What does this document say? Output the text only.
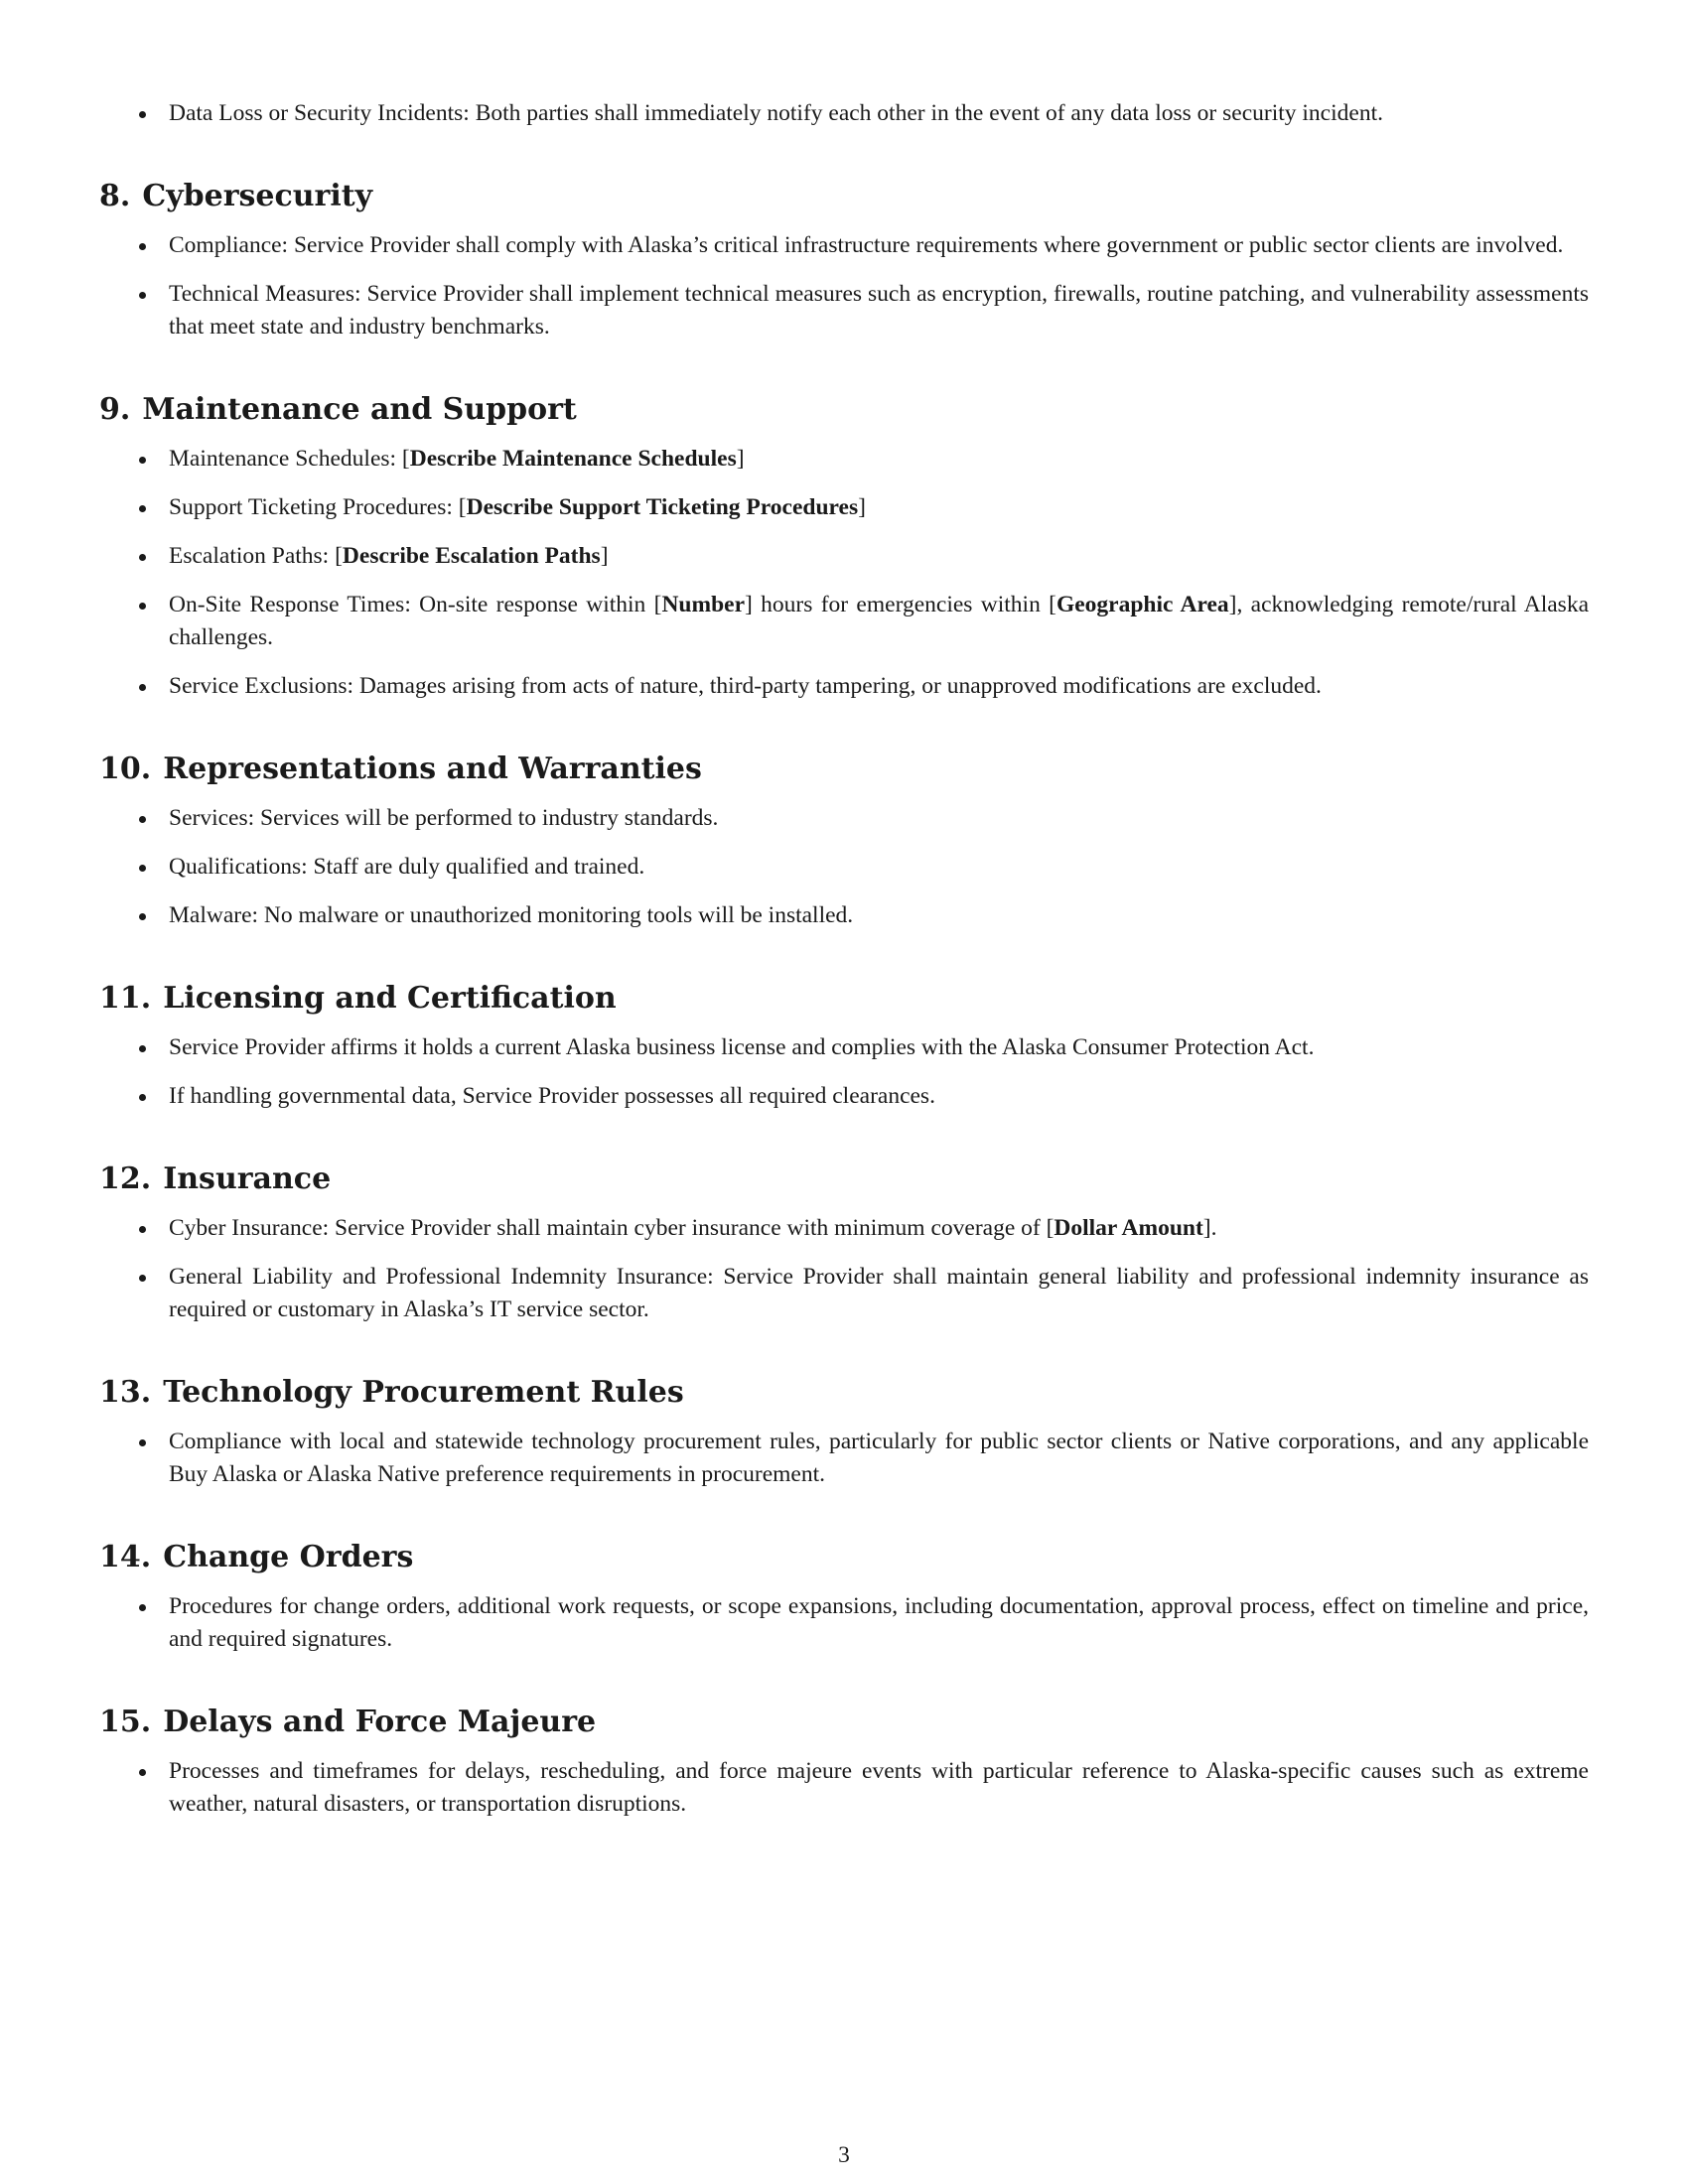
Data Loss or Security Incidents: Both parties shall immediately notify each other in the event of any data loss or security incident.
8. Cybersecurity
Compliance: Service Provider shall comply with Alaska’s critical infrastructure requirements where government or public sector clients are involved.
Technical Measures: Service Provider shall implement technical measures such as encryption, firewalls, routine patching, and vulnerability assessments that meet state and industry benchmarks.
9. Maintenance and Support
Maintenance Schedules: [Describe Maintenance Schedules]
Support Ticketing Procedures: [Describe Support Ticketing Procedures]
Escalation Paths: [Describe Escalation Paths]
On-Site Response Times: On-site response within [Number] hours for emergencies within [Geographic Area], acknowledging remote/rural Alaska challenges.
Service Exclusions: Damages arising from acts of nature, third-party tampering, or unapproved modifications are excluded.
10. Representations and Warranties
Services: Services will be performed to industry standards.
Qualifications: Staff are duly qualified and trained.
Malware: No malware or unauthorized monitoring tools will be installed.
11. Licensing and Certification
Service Provider affirms it holds a current Alaska business license and complies with the Alaska Consumer Protection Act.
If handling governmental data, Service Provider possesses all required clearances.
12. Insurance
Cyber Insurance: Service Provider shall maintain cyber insurance with minimum coverage of [Dollar Amount].
General Liability and Professional Indemnity Insurance: Service Provider shall maintain general liability and professional indemnity insurance as required or customary in Alaska’s IT service sector.
13. Technology Procurement Rules
Compliance with local and statewide technology procurement rules, particularly for public sector clients or Native corporations, and any applicable Buy Alaska or Alaska Native preference requirements in procurement.
14. Change Orders
Procedures for change orders, additional work requests, or scope expansions, including documentation, approval process, effect on timeline and price, and required signatures.
15. Delays and Force Majeure
Processes and timeframes for delays, rescheduling, and force majeure events with particular reference to Alaska-specific causes such as extreme weather, natural disasters, or transportation disruptions.
3
